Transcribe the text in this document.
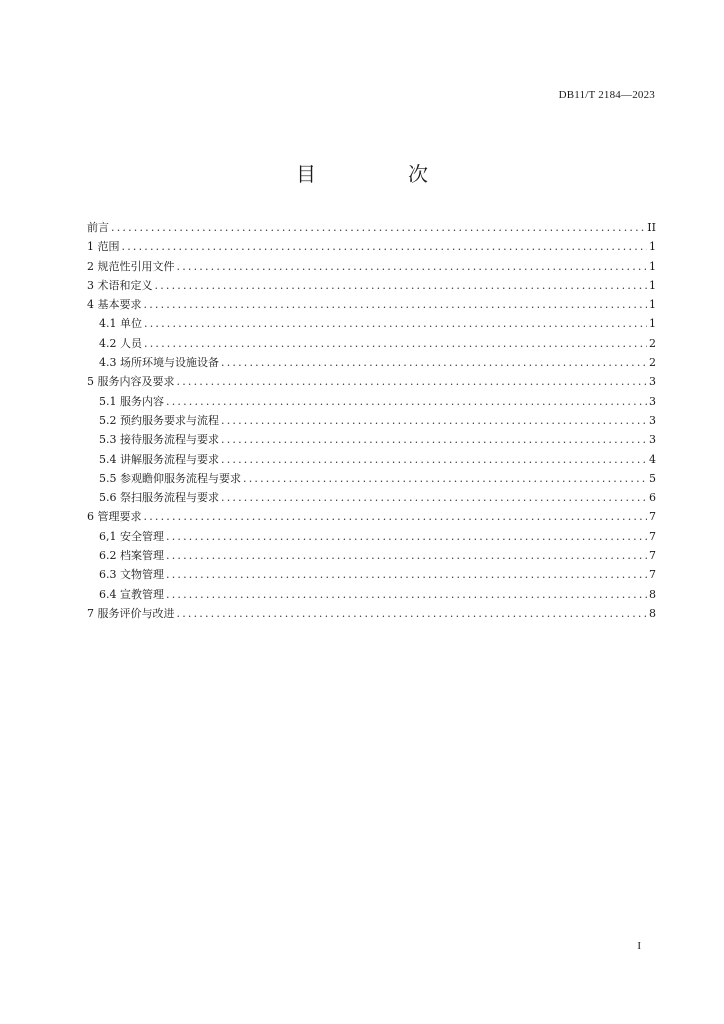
DB11/T 2184—2023
目　次
前言 .....	II
1 范围 .....	1
2 规范性引用文件 .....	1
3 术语和定义 .....	1
4 基本要求 .....	1
4.1 单位 .....	1
4.2 人员 .....	2
4.3 场所环境与设施设备 .....	2
5 服务内容及要求 .....	3
5.1 服务内容 .....	3
5.2 预约服务要求与流程 .....	3
5.3 接待服务流程与要求 .....	3
5.4 讲解服务流程与要求 .....	4
5.5 参观瞻仰服务流程与要求 .....	5
5.6 祭扫服务流程与要求 .....	6
6 管理要求 .....	7
6,1 安全管理 .....	7
6.2 档案管理 .....	7
6.3 文物管理 .....	7
6.4 宣教管理 .....	8
7 服务评价与改进 .....	8
I
